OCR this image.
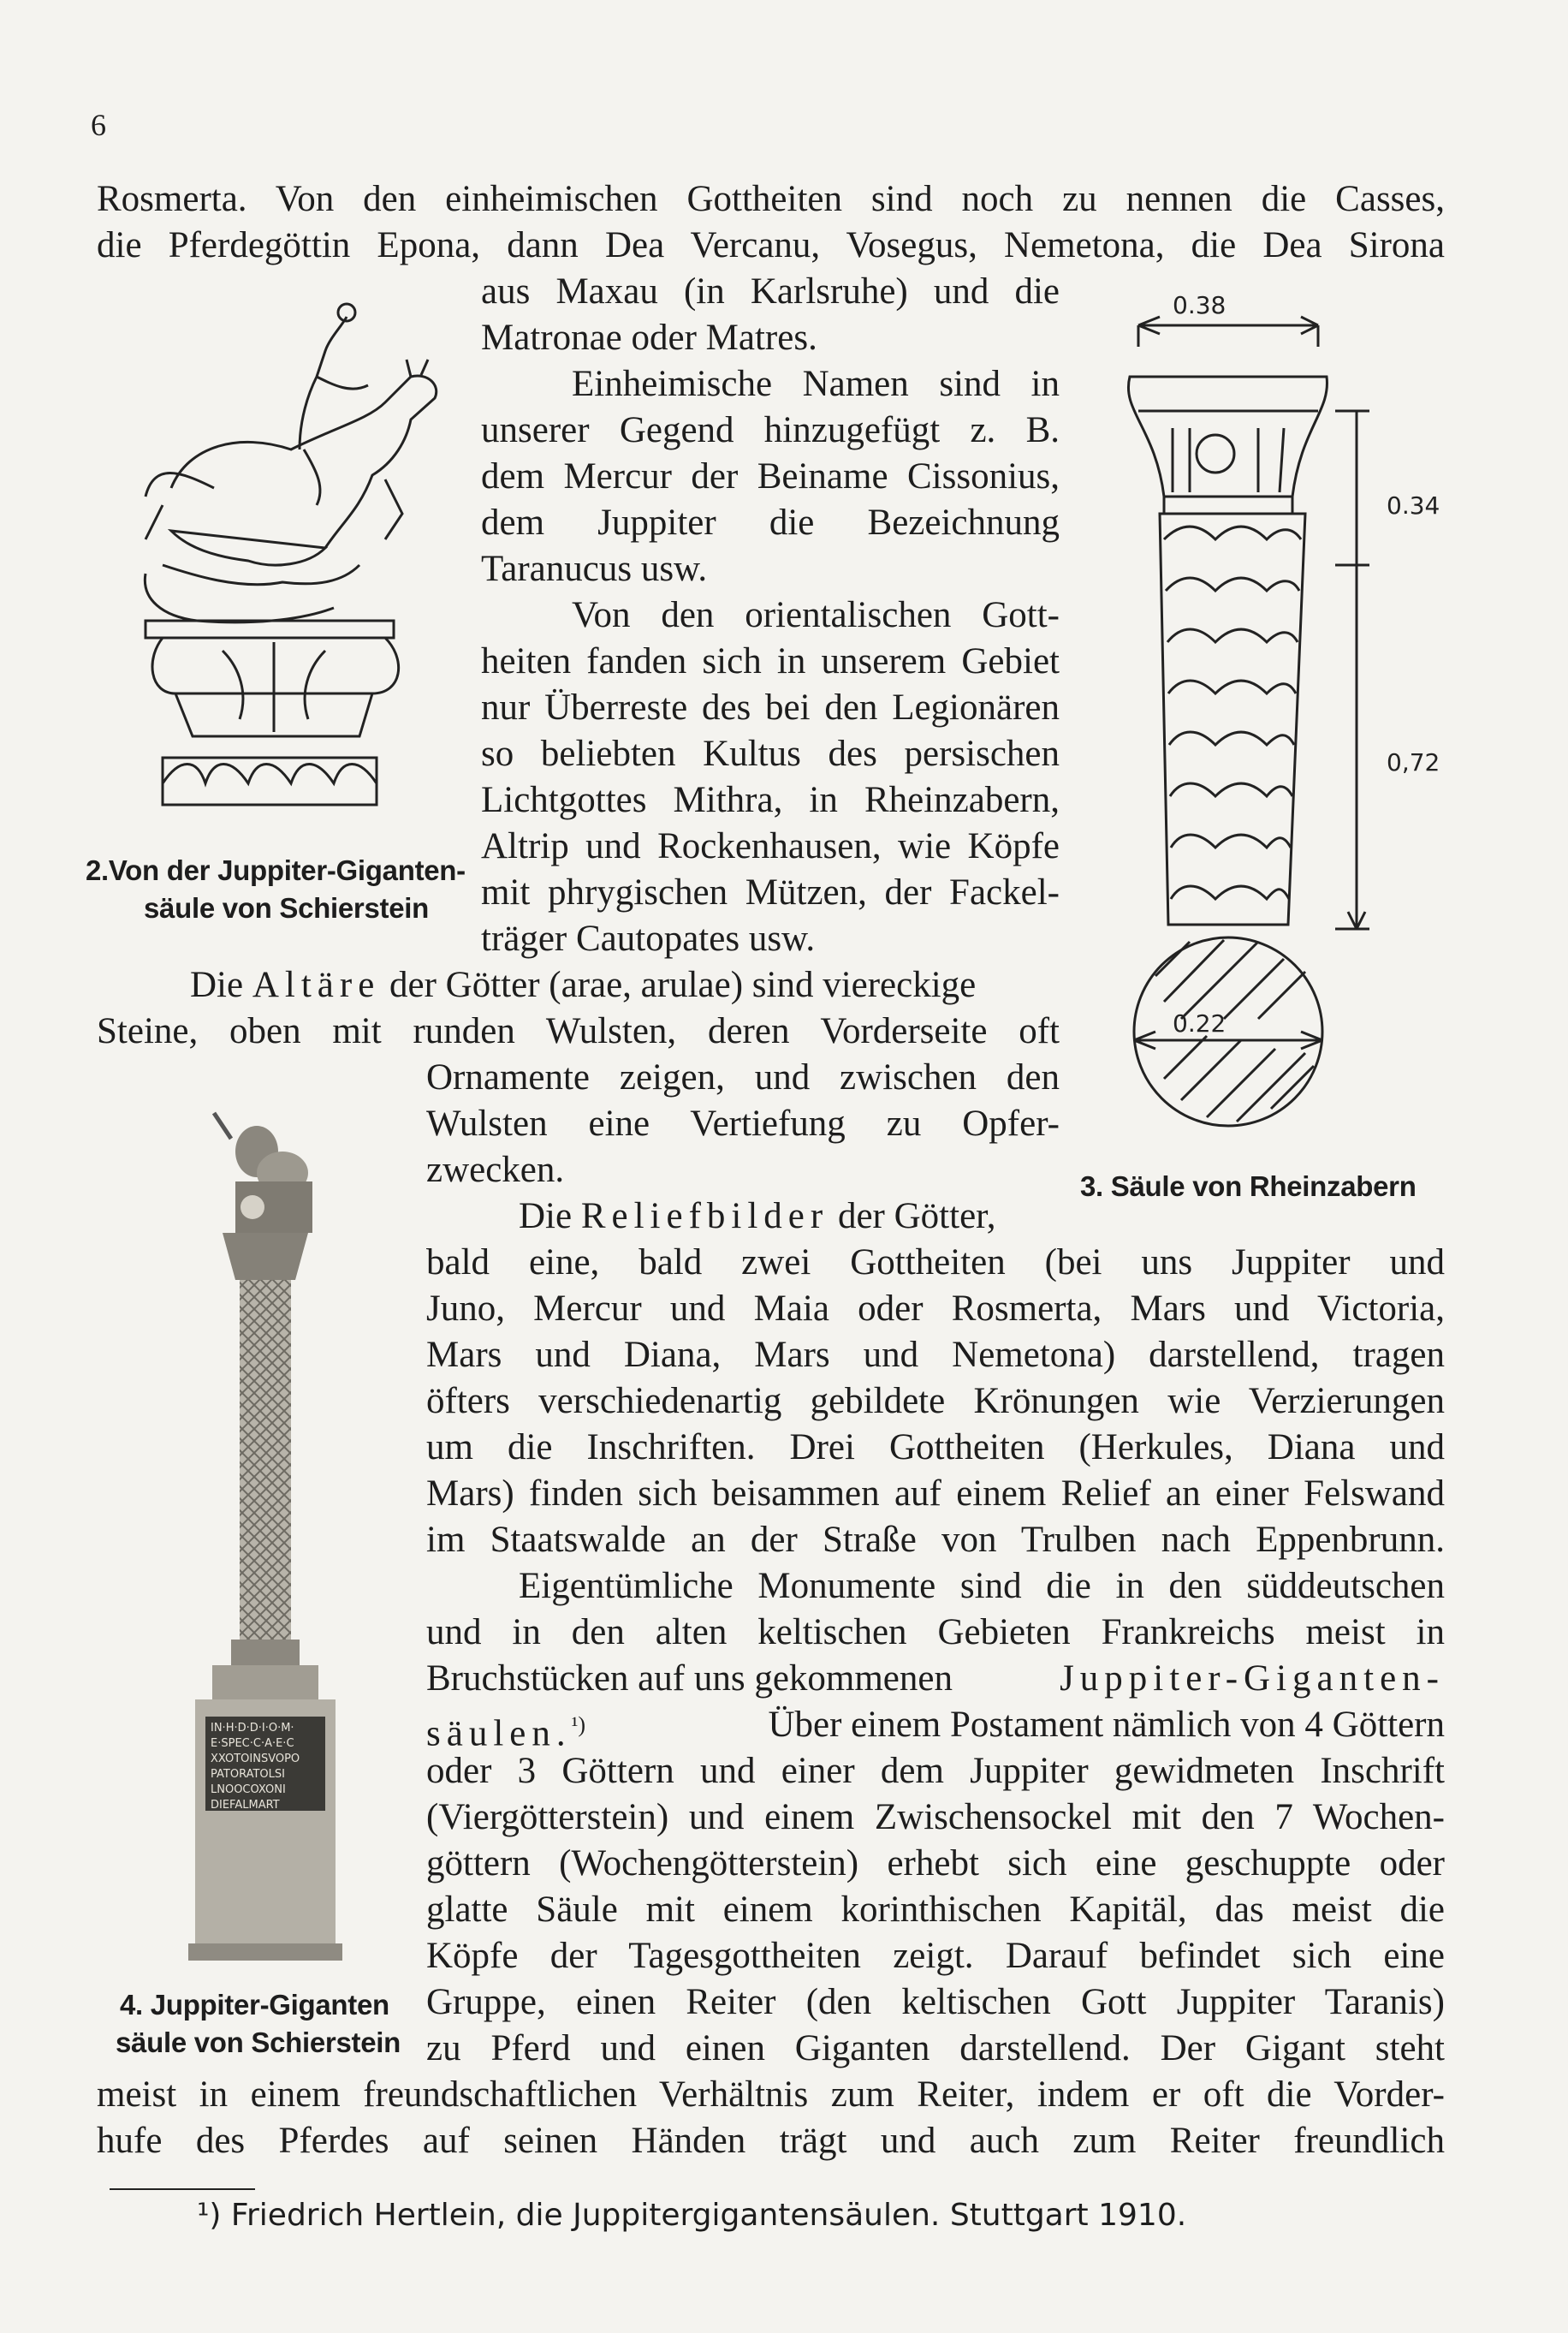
6
Rosmerta. Von den einheimischen Gottheiten sind noch zu nennen die Casses,
die Pferdegöttin Epona, dann Dea Vercanu, Vosegus, Nemetona, die Dea Sirona
aus Maxau (in Karlsruhe) und die
Matronae oder Matres.
Einheimische Namen sind in
unserer Gegend hinzugefügt z. B.
dem Mercur der Beiname Cissonius,
dem Juppiter die Bezeichnung
Taranucus usw.
Von den orientalischen Gott-
heiten fanden sich in unserem Gebiet
nur Überreste des bei den Legionären
so beliebten Kultus des persischen
Lichtgottes Mithra, in Rheinzabern,
Altrip und Rockenhausen, wie Köpfe
mit phrygischen Mützen, der Fackel-
träger Cautopates usw.
Die Altäre der Götter (arae, arulae) sind viereckige
Steine, oben mit runden Wulsten, deren Vorderseite oft
Ornamente zeigen, und zwischen den
Wulsten eine Vertiefung zu Opfer-
zwecken.
Die Reliefbilder der Götter,
bald eine, bald zwei Gottheiten (bei uns Juppiter und
Juno, Mercur und Maia oder Rosmerta, Mars und Victoria,
Mars und Diana, Mars und Nemetona) darstellend, tragen
öfters verschiedenartig gebildete Krönungen wie Verzierungen
um die Inschriften. Drei Gottheiten (Herkules, Diana und
Mars) finden sich beisammen auf einem Relief an einer Felswand
im Staatswalde an der Straße von Trulben nach Eppenbrunn.
Eigentümliche Monumente sind die in den süddeutschen
und in den alten keltischen Gebieten Frankreichs meist in
Bruchstücken auf uns gekommenen	Juppiter-Giganten-
säulen.$^{^1)}$	Über einem Postament nämlich von 4 Göttern
oder 3 Göttern und einer dem Juppiter gewidmeten Inschrift
(Viergötterstein) und einem Zwischensockel mit den 7 Wochen-
göttern (Wochengötterstein) erhebt sich eine geschuppte oder
glatte Säule mit einem korinthischen Kapitäl, das meist die
Köpfe der Tagesgottheiten zeigt. Darauf befindet sich eine
Gruppe, einen Reiter (den keltischen Gott Juppiter Taranis)
zu Pferd und einen Giganten darstellend. Der Gigant steht
meist in einem freundschaftlichen Verhältnis zum Reiter, indem er oft die Vorder-
hufe des Pferdes auf seinen Händen trägt und auch zum Reiter freundlich
2.Von der Juppiter-Giganten-
säule von Schierstein
0.38
0.34
0,72
0.22
3. Säule von Rheinzabern
IN·H·D·D·I·O·M·
E·SPEC·C·A·E·C
XXOTOINSVOPO
PATORATOLSI
LNOOCOXONI
DIEFALMART
4. Juppiter-Giganten
säule von Schierstein
¹) Friedrich Hertlein, die Juppitergigantensäulen. Stuttgart 1910.
